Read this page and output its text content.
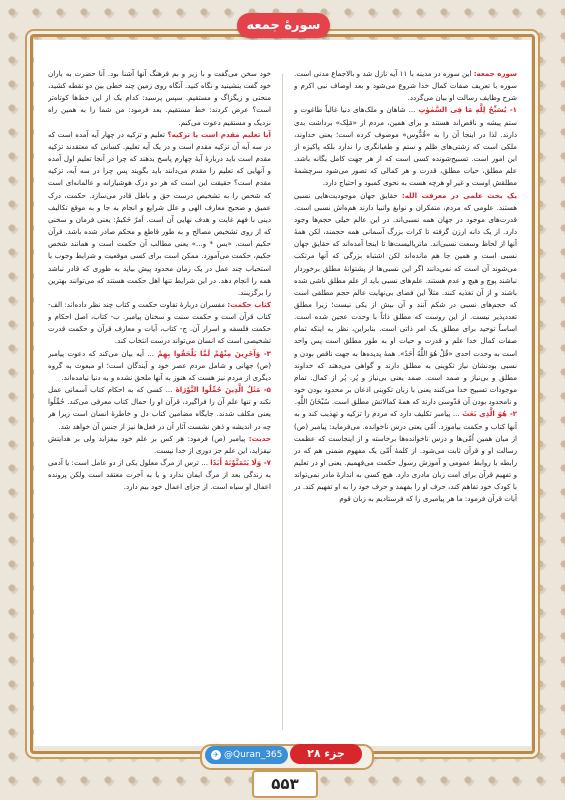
سورۀ جمعه

سوره جمعه: این سوره در مدینه با ۱۱ آیه نازل شد و بالاجماع مدنی است. سوره با تعریف صفات کمال خدا شروع می‌شود و بعد اوصاف نبی اکرم و شرح وظایف رسالت او بیان می‌گردد.

۱- یُسَبِّحُ لِلَّهِ مَا فِی السَّمٰوٰتِ ... شاهان و ملک‌های دنیا غالباً طاغوت و ستم پیشه و ناقص‌اند هستند و برای همین، مردم از «مَلِک» برداشت بدی دارند. لذا در اینجا آن را به «قُدُّوس» موصوف کرده است؛ یعنی خداوند، ملکی است که زشتی‌های ظلم و ستم و طغیانگری را ندارد بلکه پاکیزه از این امور است. تسبیح‌شونده کسی است که از هر جهت کامل یگانه باشد. علم مطلق، حیات مطلق، قدرت و هر کمالی که تصور می‌شود سرچشمۀ مطلقش اوست و غیر او هرچه هست به نحوی کمبود و احتیاج دارد.

یک بحث علمی در معرفت الله: حقایق جهان موجودیت‌هایی نسبی هستند. علومی که مردم، متفکران و نوابغ واتبیا دارند هم‌ه‌اش نسبی است. قدرت‌های موجود در جهان همه نسبی‌اند. در این عالم خیلی حجم‌ها وجود دارد. از یک دانه ارزن گرفته تا کرات بزرگ آسمانی همه حجمند، لکن همۀ آنها از لحاظ وسعت نسبی‌اند. ماتریالیست‌ها تا اینجا آمده‌اند که حقایق جهان نسبی است و همین جا هم مانده‌اند لکن اشتباه بزرگی که آنها مرتکب می‌شوند آن است که نمی‌دانند اگر این نسبی‌ها از پشتوانۀ مطلق برخوردار نباشند پوچ و هیچ و عدم هستند. علم‌های نسبی باید از علم مطلق ناشی شده باشند و از آن تغذیه کنند. مثلاً این فضای بی‌نهایت عالم حجم مطلقی است که حجم‌های نسبی در شکم آنند و آن بیش از یکی نیست؛ زیرا مطلق تعددپذیر نیست. از این روست که مطلق ذاتاً با وحدت عجین شده است. اساساً توحید برای مطلق یک امر ذاتی است. بنابراین، نظر به اینکه تمام صفات کمال خدا علم و قدرت و حیات او به طور مطلق است پس واحد است به وحدت احدی «قُلْ هُوَ اللَّهُ أَحَدٌ». همۀ پدیده‌ها به جهت ناقص بودن و نسبی بودنشان نیاز تکوینی به مطلق دارند و گواهی می‌دهند که خداوند مطلق و بی‌نیاز و صمد است. صمد یعنی بی‌نیاز و پُر. پُر از کمال. تمام موجودات تسبیح خدا می‌کنند یعنی با زبان تکوینی اذعان بر محدود بودن خود و نامحدود بودن آن قدّوسی دارند که همۀ کمالاتش مطلق است. سُبْحَانَ اللَّهِ.

۲- هُوَ الَّذِی بَعَثَ ... پیامبر تکلیف دارد که مردم را تزکیه و تهذیب کند و به آنها کتاب و حکمت بیاموزد. اُمّی یعنی درس ناخوانده. می‌فرماید: پیامبر (ص) از میان همین اُمّی‌ها و درس ناخوانده‌ها برخاسته و از اینجاست که عظمت رسالت او و قرآن ثابت می‌شود. از کلمۀ اُمّی یک مفهوم ضمنی هم که در رابطه با روابط عمومی و آموزش رسول حکمت می‌فهمیم. یعنی او در تعلیم و تفهیم قرآن برای امت زبان مادری دارد. هیچ کسی به اندازۀ مادر نمی‌تواند با کودک خود تفاهم کند، حرف او را بفهمد و حرف خود را به او تفهیم کند. در آیات قرآن فرمود: ما هر پیامبری را که فرستادیم به زبان قوم

خود سخن می‌گفت و با زیر و بم فرهنگ آنها آشنا بود. آنا حضرت به باران خود گفت بنشینید و نگاه کنید. آنگاه روی زمین چند خطی بین دو نقطه کشید، منحنی و زیگزاگ و مستقیم. سپس پرسید: کدام یک از این خط‌ها کوتاه‌تر است؟ عرض کردند: خط مستقیم. بعد فرمود: من شما را به همین راه نزدیک و مستقیم دعوت می‌کنم.

آیا تعلیم مقدم است یا تزکیه؟ تعلیم و تزکیه در چهار آیه آمده است که در سه آیه آن تزکیه مقدم است و در یک آیه تعلیم. کسانی که معتقدند تزکیه مقدم است باید دربارۀ آیۀ چهارم پاسخ بدهند که چرا در آنجا تعلیم اول آمده و آنهایی که تعلیم را مقدم می‌دانند باید بگویند پس چرا در سه آیه، تزکیه مقدم است؟ حقیقت این است که هر دو درک هوشیارانه و عالمانه‌ای است که شخص را به تشخیص درست حق و باطل قادر می‌سازد. حکمت، درک عمیق و صحیح معارف الهی و علل شرایع و انجام به جا و به موقع تکالیف دینی با فهم غایت و هدف نهایی آن است. اَمرٌ حَکیمٌ: یعنی فرمان و سخنی که از روی تشخیص مصالح و به طور قاطع و محکم صادر شده باشد. قرآن حکیم است. «یس * و...» یعنی مطالب آن حکمت است و همانند شخص حکیم، حکمت می‌آموزد. ممکن است برای کسی موقعیت و شرایط وجوب یا استحباب چند عمل در یک زمان محدود پیش بیاید به طوری که قادر نباشد همه را انجام دهد. در این شرایط تنها اهل حکمت هستند که می‌توانند بهترین را برگزینند.

کتاب حکمت: مفسران دربارۀ تفاوت حکمت و کتاب چند نظر داده‌اند: الف- کتاب قرآن است و حکمت سنت و سخنان پیامبر. ب- کتاب، اصل احکام و حکمت فلسفه و اسرار آن. ج- کتاب، آیات و معارف قرآن و حکمت قدرت تشخیصی است که انسان می‌تواند درست انتخاب کند.

۳- وَآخَرِینَ مِنْهُمْ لَمَّا یَلْحَقُوا بِهِمْ ... آیه بیان می‌کند که دعوت پیامبر (ص) جهانی و شامل مردم عصر خود و آیندگان است؛ او مبعوث به گروه دیگری از مردم نیز هست که هنوز به آنها ملحق نشده و به دنیا نیامده‌اند.

۵- مَثَلُ الَّذِینَ حُمِّلُوا التَّوْرَاةَ ... کسی که به احکام کتاب آسمانی عمل نکند و تنها علم آن را فراگیرد، قرآن او را حمال کتاب معرفی می‌کند. حُمِّلُوا یعنی مکلف شدند. جایگاه مضامین کتاب دل و خاطرۀ انسان است زیرا هر چه در اندیشه و ذهن نشست آثار آن در فعل‌ها نیز از جنس آن خواهد شد.

حدیث: پیامبر (ص) فرمود: هر کس بر علم خود بیفزاید ولی بر هدایتش نیفزاید، این علم جز دوری از خدا نیست.

۷- وَلَا یَتَمَنَّوْنَهُ أَبَدًا ... ترس از مرگ معلول یکی از دو عامل است: یا آدمی به زندگی بعد از مرگ ایمان ندارد و یا به آخرت معتقد است ولکن پرونده اعمال او سیاه است. از جزای اعمال خود بیم دارد.

✈ @Quran_365	جزء ۲۸
۵۵۳
